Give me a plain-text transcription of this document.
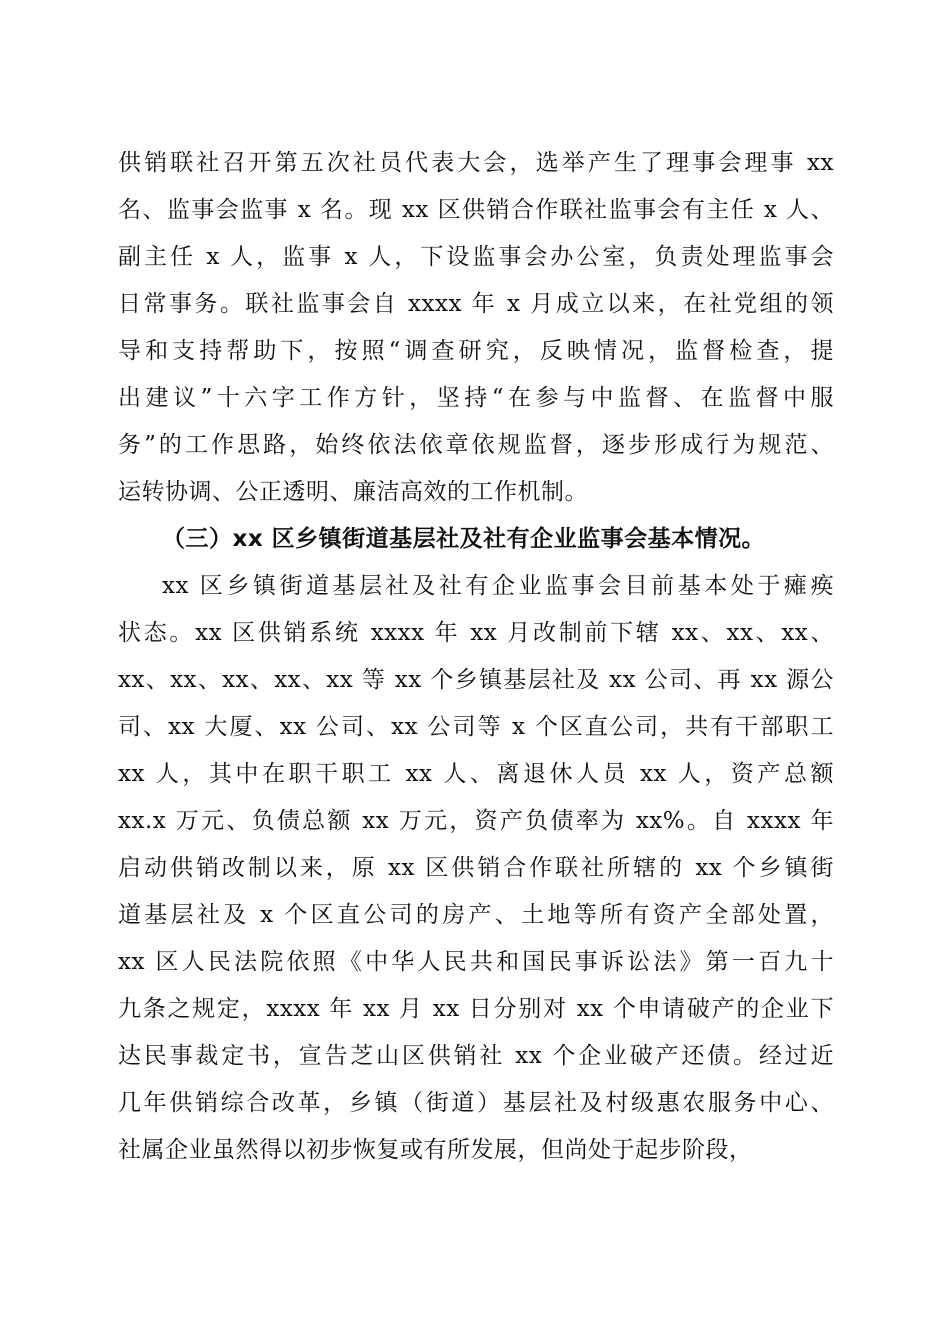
供销联社召开第五次社员代表大会，选举产生了理事会理事 xx
名、监事会监事 x 名。现 xx 区供销合作联社监事会有主任 x 人、
副主任 x 人，监事 x 人，下设监事会办公室，负责处理监事会
日常事务。联社监事会自 xxxx 年 x 月成立以来，在社党组的领
导和支持帮助下，按照“调查研究，反映情况，监督检查，提
出建议”十六字工作方针，坚持“在参与中监督、在监督中服
务”的工作思路，始终依法依章依规监督，逐步形成行为规范、
运转协调、公正透明、廉洁高效的工作机制。
（三）xx 区乡镇街道基层社及社有企业监事会基本情况。
xx 区乡镇街道基层社及社有企业监事会目前基本处于瘫痪
状态。xx 区供销系统 xxxx 年 xx 月改制前下辖 xx、xx、xx、
xx、xx、xx、xx、xx 等 xx 个乡镇基层社及 xx 公司、再 xx 源公
司、xx 大厦、xx 公司、xx 公司等 x 个区直公司，共有干部职工
xx 人，其中在职干职工 xx 人、离退休人员 xx 人，资产总额
xx.x 万元、负债总额 xx 万元，资产负债率为 xx%。自 xxxx 年
启动供销改制以来，原 xx 区供销合作联社所辖的 xx 个乡镇街
道基层社及 x 个区直公司的房产、土地等所有资产全部处置，
xx 区人民法院依照《中华人民共和国民事诉讼法》第一百九十
九条之规定，xxxx 年 xx 月 xx 日分别对 xx 个申请破产的企业下
达民事裁定书，宣告芝山区供销社 xx 个企业破产还债。经过近
几年供销综合改革，乡镇（街道）基层社及村级惠农服务中心、
社属企业虽然得以初步恢复或有所发展，但尚处于起步阶段，
